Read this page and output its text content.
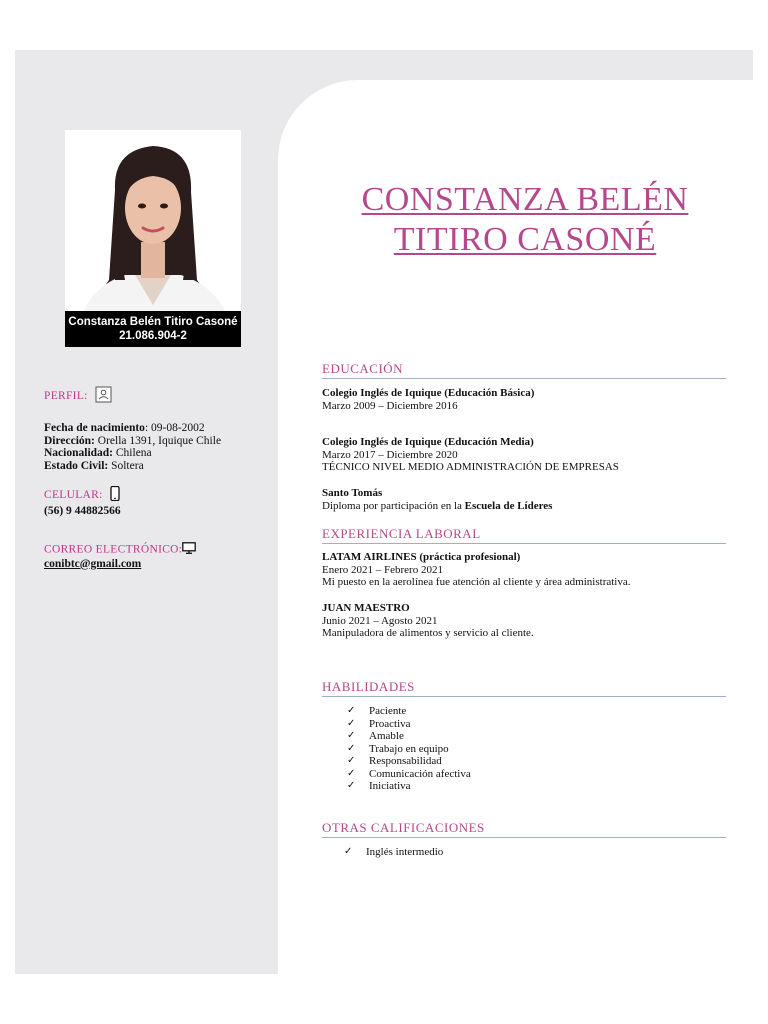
Constanza Belén Titiro Casoné
21.086.904-2
PERFIL:
Fecha de nacimiento: 09-08-2002
Dirección: Orella 1391, Iquique Chile
Nacionalidad: Chilena
Estado Civil: Soltera
CELULAR:
(56) 9 44882566
CORREO ELECTRÓNICO:
conibtc@gmail.com
CONSTANZA BELÉN
TITIRO CASONÉ
EDUCACIÓN
Colegio Inglés de Iquique (Educación Básica)
Marzo 2009 – Diciembre 2016
Colegio Inglés de Iquique (Educación Media)
Marzo 2017 – Diciembre 2020
TÉCNICO NIVEL MEDIO ADMINISTRACIÓN DE EMPRESAS
Santo Tomás
Diploma por participación en la Escuela de Líderes
EXPERIENCIA LABORAL
LATAM AIRLINES (práctica profesional)
Enero 2021 – Febrero 2021
Mi puesto en la aerolínea fue atención al cliente y área administrativa.
JUAN MAESTRO
Junio 2021 – Agosto 2021
Manipuladora de alimentos y servicio al cliente.
HABILIDADES
✓ Paciente
✓ Proactiva
✓ Amable
✓ Trabajo en equipo
✓ Responsabilidad
✓ Comunicación afectiva
✓ Iniciativa
OTRAS CALIFICACIONES
✓ Inglés intermedio
